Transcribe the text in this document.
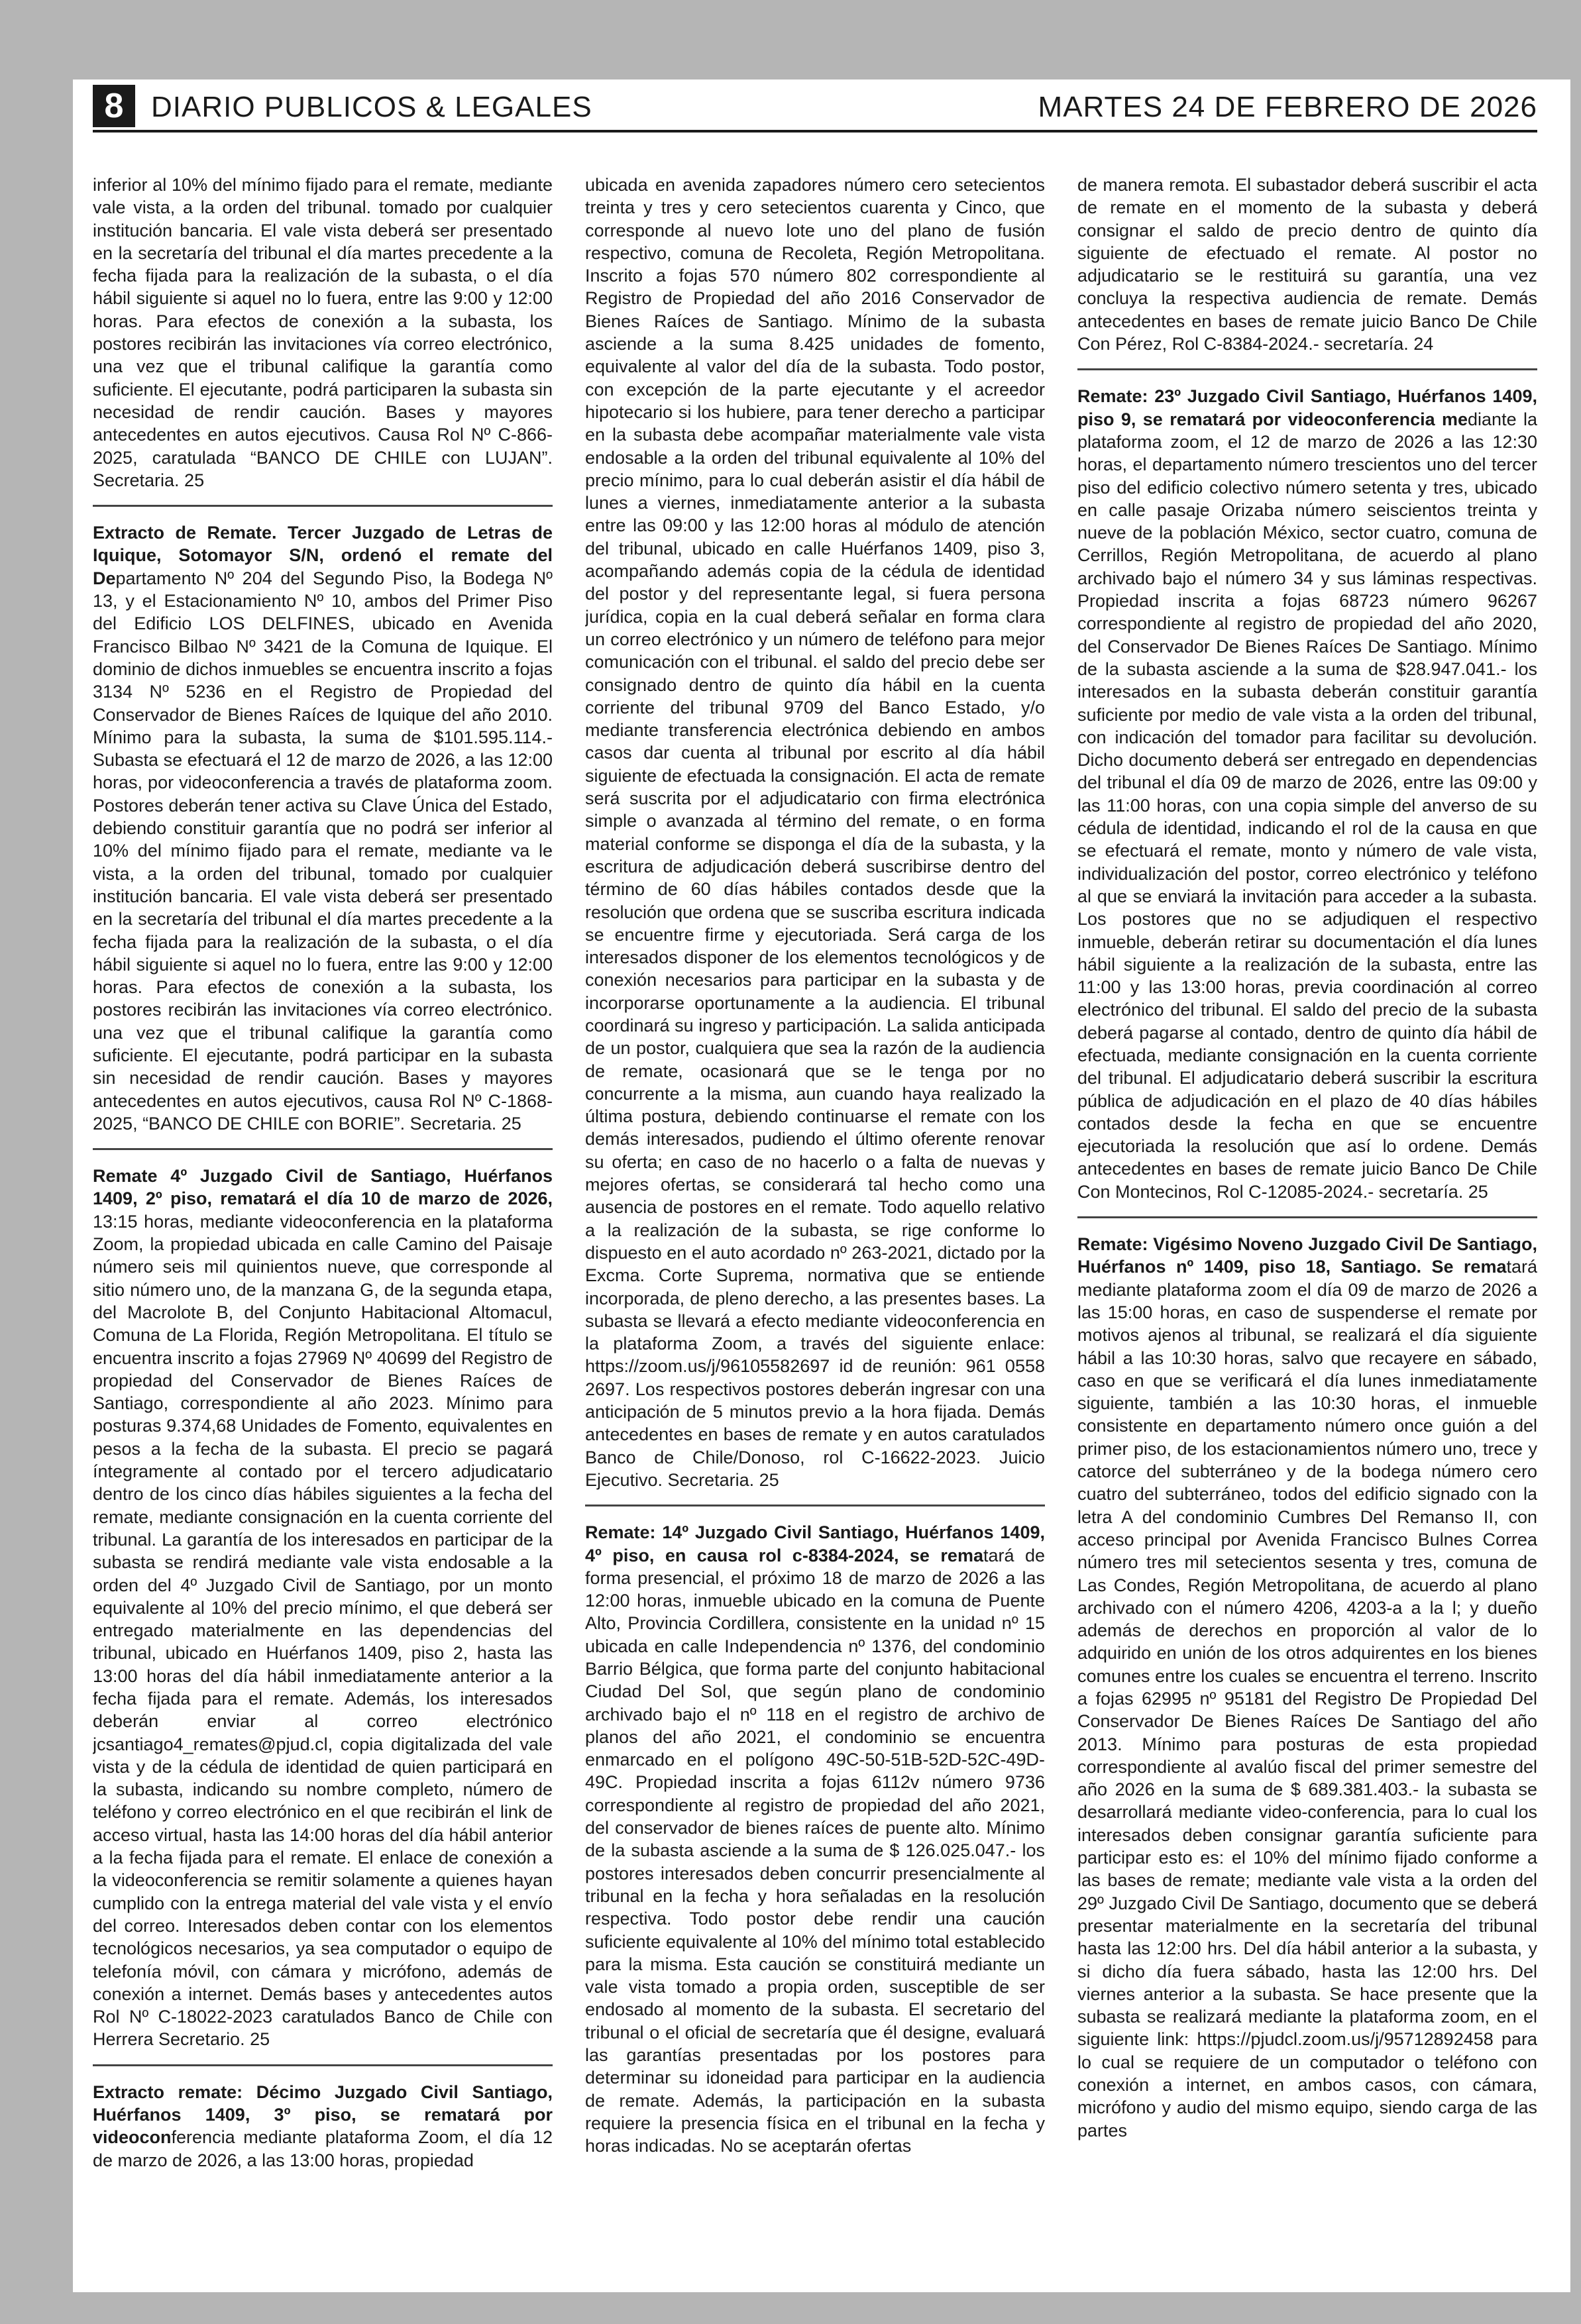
8 DIARIO PUBLICOS & LEGALES	MARTES 24 DE FEBRERO DE 2026

inferior al 10% del mínimo fijado para el remate, mediante vale vista, a la orden del tribunal. tomado por cualquier institución bancaria. El vale vista deberá ser presentado en la secretaría del tribunal el día martes precedente a la fecha fijada para la realización de la subasta, o el día hábil siguiente si aquel no lo fuera, entre las 9:00 y 12:00 horas. Para efectos de conexión a la subasta, los postores recibirán las invitaciones vía correo electrónico, una vez que el tribunal califique la garantía como suficiente. El ejecutante, podrá participaren la subasta sin necesidad de rendir caución. Bases y mayores antecedentes en autos ejecutivos. Causa Rol Nº C-866-2025, caratulada “BANCO DE CHILE con LUJAN”. Secretaria. 25

Extracto de Remate. Tercer Juzgado de Letras de Iquique, Sotomayor S/N, ordenó el remate del Departamento Nº 204 del Segundo Piso, la Bodega Nº 13, y el Estacionamiento Nº 10, ambos del Primer Piso del Edificio LOS DELFINES, ubicado en Avenida Francisco Bilbao Nº 3421 de la Comuna de Iquique. El dominio de dichos inmuebles se encuentra inscrito a fojas 3134 Nº 5236 en el Registro de Propiedad del Conservador de Bienes Raíces de Iquique del año 2010. Mínimo para la subasta, la suma de $101.595.114.-Subasta se efectuará el 12 de marzo de 2026, a las 12:00 horas, por videoconferencia a través de plataforma zoom. Postores deberán tener activa su Clave Única del Estado, debiendo constituir garantía que no podrá ser inferior al 10% del mínimo fijado para el remate, mediante va le vista, a la orden del tribunal, tomado por cualquier institución bancaria. El vale vista deberá ser presentado en la secretaría del tribunal el día martes precedente a la fecha fijada para la realización de la subasta, o el día hábil siguiente si aquel no lo fuera, entre las 9:00 y 12:00 horas. Para efectos de conexión a la subasta, los postores recibirán las invitaciones vía correo electrónico. una vez que el tribunal califique la garantía como suficiente. El ejecutante, podrá participar en la subasta sin necesidad de rendir caución. Bases y mayores antecedentes en autos ejecutivos, causa Rol Nº C-1868-2025, “BANCO DE CHILE con BORIE”. Secretaria. 25

Remate 4º Juzgado Civil de Santiago, Huérfanos 1409, 2º piso, rematará el día 10 de marzo de 2026, 13:15 horas, mediante videoconferencia en la plataforma Zoom, la propiedad ubicada en calle Camino del Paisaje número seis mil quinientos nueve, que corresponde al sitio número uno, de la manzana G, de la segunda etapa, del Macrolote B, del Conjunto Habitacional Altomacul, Comuna de La Florida, Región Metropolitana. El título se encuentra inscrito a fojas 27969 Nº 40699 del Registro de propiedad del Conservador de Bienes Raíces de Santiago, correspondiente al año 2023. Mínimo para posturas 9.374,68 Unidades de Fomento, equivalentes en pesos a la fecha de la subasta. El precio se pagará íntegramente al contado por el tercero adjudicatario dentro de los cinco días hábiles siguientes a la fecha del remate, mediante consignación en la cuenta corriente del tribunal. La garantía de los interesados en participar de la subasta se rendirá mediante vale vista endosable a la orden del 4º Juzgado Civil de Santiago, por un monto equivalente al 10% del precio mínimo, el que deberá ser entregado materialmente en las dependencias del tribunal, ubicado en Huérfanos 1409, piso 2, hasta las 13:00 horas del día hábil inmediatamente anterior a la fecha fijada para el remate. Además, los interesados deberán enviar al correo electrónico jcsantiago4_remates@pjud.cl, copia digitalizada del vale vista y de la cédula de identidad de quien participará en la subasta, indicando su nombre completo, número de teléfono y correo electrónico en el que recibirán el link de acceso virtual, hasta las 14:00 horas del día hábil anterior a la fecha fijada para el remate. El enlace de conexión a la videoconferencia se remitir solamente a quienes hayan cumplido con la entrega material del vale vista y el envío del correo. Interesados deben contar con los elementos tecnológicos necesarios, ya sea computador o equipo de telefonía móvil, con cámara y micrófono, además de conexión a internet. Demás bases y antecedentes autos Rol Nº C-18022-2023 caratulados Banco de Chile con Herrera Secretario. 25

Extracto remate: Décimo Juzgado Civil Santiago, Huérfanos 1409, 3º piso, se rematará por videoconferencia mediante plataforma Zoom, el día 12 de marzo de 2026, a las 13:00 horas, propiedad

ubicada en avenida zapadores número cero setecientos treinta y tres y cero setecientos cuarenta y Cinco, que corresponde al nuevo lote uno del plano de fusión respectivo, comuna de Recoleta, Región Metropolitana. Inscrito a fojas 570 número 802 correspondiente al Registro de Propiedad del año 2016 Conservador de Bienes Raíces de Santiago. Mínimo de la subasta asciende a la suma 8.425 unidades de fomento, equivalente al valor del día de la subasta. Todo postor, con excepción de la parte ejecutante y el acreedor hipotecario si los hubiere, para tener derecho a participar en la subasta debe acompañar materialmente vale vista endosable a la orden del tribunal equivalente al 10% del precio mínimo, para lo cual deberán asistir el día hábil de lunes a viernes, inmediatamente anterior a la subasta entre las 09:00 y las 12:00 horas al módulo de atención del tribunal, ubicado en calle Huérfanos 1409, piso 3, acompañando además copia de la cédula de identidad del postor y del representante legal, si fuera persona jurídica, copia en la cual deberá señalar en forma clara un correo electrónico y un número de teléfono para mejor comunicación con el tribunal. el saldo del precio debe ser consignado dentro de quinto día hábil en la cuenta corriente del tribunal 9709 del Banco Estado, y/o mediante transferencia electrónica debiendo en ambos casos dar cuenta al tribunal por escrito al día hábil siguiente de efectuada la consignación. El acta de remate será suscrita por el adjudicatario con firma electrónica simple o avanzada al término del remate, o en forma material conforme se disponga el día de la subasta, y la escritura de adjudicación deberá suscribirse dentro del término de 60 días hábiles contados desde que la resolución que ordena que se suscriba escritura indicada se encuentre firme y ejecutoriada. Será carga de los interesados disponer de los elementos tecnológicos y de conexión necesarios para participar en la subasta y de incorporarse oportunamente a la audiencia. El tribunal coordinará su ingreso y participación. La salida anticipada de un postor, cualquiera que sea la razón de la audiencia de remate, ocasionará que se le tenga por no concurrente a la misma, aun cuando haya realizado la última postura, debiendo continuarse el remate con los demás interesados, pudiendo el último oferente renovar su oferta; en caso de no hacerlo o a falta de nuevas y mejores ofertas, se considerará tal hecho como una ausencia de postores en el remate. Todo aquello relativo a la realización de la subasta, se rige conforme lo dispuesto en el auto acordado nº 263-2021, dictado por la Excma. Corte Suprema, normativa que se entiende incorporada, de pleno derecho, a las presentes bases. La subasta se llevará a efecto mediante videoconferencia en la plataforma Zoom, a través del siguiente enlace: https://zoom.us/j/96105582697 id de reunión: 961 0558 2697. Los respectivos postores deberán ingresar con una anticipación de 5 minutos previo a la hora fijada. Demás antecedentes en bases de remate y en autos caratulados Banco de Chile/Donoso, rol C-16622-2023. Juicio Ejecutivo. Secretaria. 25

Remate: 14º Juzgado Civil Santiago, Huérfanos 1409, 4º piso, en causa rol c-8384-2024, se rematará de forma presencial, el próximo 18 de marzo de 2026 a las 12:00 horas, inmueble ubicado en la comuna de Puente Alto, Provincia Cordillera, consistente en la unidad nº 15 ubicada en calle Independencia nº 1376, del condominio Barrio Bélgica, que forma parte del conjunto habitacional Ciudad Del Sol, que según plano de condominio archivado bajo el nº 118 en el registro de archivo de planos del año 2021, el condominio se encuentra enmarcado en el polígono 49C-50-51B-52D-52C-49D-49C. Propiedad inscrita a fojas 6112v número 9736 correspondiente al registro de propiedad del año 2021, del conservador de bienes raíces de puente alto. Mínimo de la subasta asciende a la suma de $ 126.025.047.- los postores interesados deben concurrir presencialmente al tribunal en la fecha y hora señaladas en la resolución respectiva. Todo postor debe rendir una caución suficiente equivalente al 10% del mínimo total establecido para la misma. Esta caución se constituirá mediante un vale vista tomado a propia orden, susceptible de ser endosado al momento de la subasta. El secretario del tribunal o el oficial de secretaría que él designe, evaluará las garantías presentadas por los postores para determinar su idoneidad para participar en la audiencia de remate. Además, la participación en la subasta requiere la presencia física en el tribunal en la fecha y horas indicadas. No se aceptarán ofertas

de manera remota. El subastador deberá suscribir el acta de remate en el momento de la subasta y deberá consignar el saldo de precio dentro de quinto día siguiente de efectuado el remate. Al postor no adjudicatario se le restituirá su garantía, una vez concluya la respectiva audiencia de remate. Demás antecedentes en bases de remate juicio Banco De Chile Con Pérez, Rol C-8384-2024.- secretaría. 24

Remate: 23º Juzgado Civil Santiago, Huérfanos 1409, piso 9, se rematará por videoconferencia mediante la plataforma zoom, el 12 de marzo de 2026 a las 12:30 horas, el departamento número trescientos uno del tercer piso del edificio colectivo número setenta y tres, ubicado en calle pasaje Orizaba número seiscientos treinta y nueve de la población México, sector cuatro, comuna de Cerrillos, Región Metropolitana, de acuerdo al plano archivado bajo el número 34 y sus láminas respectivas. Propiedad inscrita a fojas 68723 número 96267 correspondiente al registro de propiedad del año 2020, del Conservador De Bienes Raíces De Santiago. Mínimo de la subasta asciende a la suma de $28.947.041.- los interesados en la subasta deberán constituir garantía suficiente por medio de vale vista a la orden del tribunal, con indicación del tomador para facilitar su devolución. Dicho documento deberá ser entregado en dependencias del tribunal el día 09 de marzo de 2026, entre las 09:00 y las 11:00 horas, con una copia simple del anverso de su cédula de identidad, indicando el rol de la causa en que se efectuará el remate, monto y número de vale vista, individualización del postor, correo electrónico y teléfono al que se enviará la invitación para acceder a la subasta. Los postores que no se adjudiquen el respectivo inmueble, deberán retirar su documentación el día lunes hábil siguiente a la realización de la subasta, entre las 11:00 y las 13:00 horas, previa coordinación al correo electrónico del tribunal. El saldo del precio de la subasta deberá pagarse al contado, dentro de quinto día hábil de efectuada, mediante consignación en la cuenta corriente del tribunal. El adjudicatario deberá suscribir la escritura pública de adjudicación en el plazo de 40 días hábiles contados desde la fecha en que se encuentre ejecutoriada la resolución que así lo ordene. Demás antecedentes en bases de remate juicio Banco De Chile Con Montecinos, Rol C-12085-2024.- secretaría. 25

Remate: Vigésimo Noveno Juzgado Civil De Santiago, Huérfanos nº 1409, piso 18, Santiago. Se rematará mediante plataforma zoom el día 09 de marzo de 2026 a las 15:00 horas, en caso de suspenderse el remate por motivos ajenos al tribunal, se realizará el día siguiente hábil a las 10:30 horas, salvo que recayere en sábado, caso en que se verificará el día lunes inmediatamente siguiente, también a las 10:30 horas, el inmueble consistente en departamento número once guión a del primer piso, de los estacionamientos número uno, trece y catorce del subterráneo y de la bodega número cero cuatro del subterráneo, todos del edificio signado con la letra A del condominio Cumbres Del Remanso II, con acceso principal por Avenida Francisco Bulnes Correa número tres mil setecientos sesenta y tres, comuna de Las Condes, Región Metropolitana, de acuerdo al plano archivado con el número 4206, 4203-a a la l; y dueño además de derechos en proporción al valor de lo adquirido en unión de los otros adquirentes en los bienes comunes entre los cuales se encuentra el terreno. Inscrito a fojas 62995 nº 95181 del Registro De Propiedad Del Conservador De Bienes Raíces De Santiago del año 2013. Mínimo para posturas de esta propiedad correspondiente al avalúo fiscal del primer semestre del año 2026 en la suma de $ 689.381.403.- la subasta se desarrollará mediante video-conferencia, para lo cual los interesados deben consignar garantía suficiente para participar esto es: el 10% del mínimo fijado conforme a las bases de remate; mediante vale vista a la orden del 29º Juzgado Civil De Santiago, documento que se deberá presentar materialmente en la secretaría del tribunal hasta las 12:00 hrs. Del día hábil anterior a la subasta, y si dicho día fuera sábado, hasta las 12:00 hrs. Del viernes anterior a la subasta. Se hace presente que la subasta se realizará mediante la plataforma zoom, en el siguiente link: https://pjudcl.zoom.us/j/95712892458 para lo cual se requiere de un computador o teléfono con conexión a internet, en ambos casos, con cámara, micrófono y audio del mismo equipo, siendo carga de las partes
